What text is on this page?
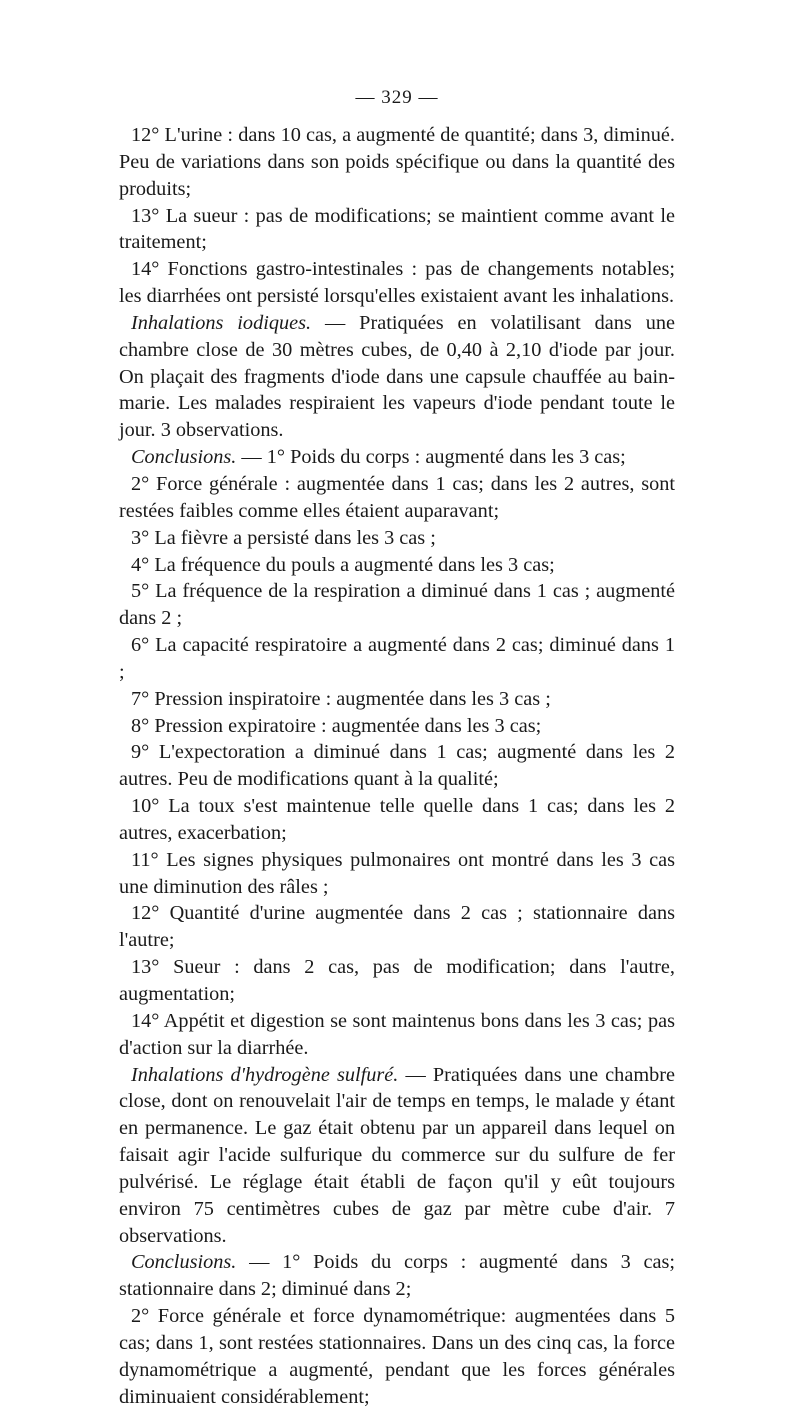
— 329 —

12° L'urine : dans 10 cas, a augmenté de quantité; dans 3, diminué. Peu de variations dans son poids spécifique ou dans la quantité des produits;

13° La sueur : pas de modifications; se maintient comme avant le traitement;

14° Fonctions gastro-intestinales : pas de changements notables; les diarrhées ont persisté lorsqu'elles existaient avant les inhalations.

Inhalations iodiques. — Pratiquées en volatilisant dans une chambre close de 30 mètres cubes, de 0,40 à 2,10 d'iode par jour. On plaçait des fragments d'iode dans une capsule chauffée au bain-marie. Les malades respiraient les vapeurs d'iode pendant toute le jour. 3 observations.

Conclusions. — 1° Poids du corps : augmenté dans les 3 cas;

2° Force générale : augmentée dans 1 cas; dans les 2 autres, sont restées faibles comme elles étaient auparavant;

3° La fièvre a persisté dans les 3 cas ;

4° La fréquence du pouls a augmenté dans les 3 cas;

5° La fréquence de la respiration a diminué dans 1 cas ; augmenté dans 2 ;

6° La capacité respiratoire a augmenté dans 2 cas; diminué dans 1 ;

7° Pression inspiratoire : augmentée dans les 3 cas ;

8° Pression expiratoire : augmentée dans les 3 cas;

9° L'expectoration a diminué dans 1 cas; augmenté dans les 2 autres. Peu de modifications quant à la qualité;

10° La toux s'est maintenue telle quelle dans 1 cas; dans les 2 autres, exacerbation;

11° Les signes physiques pulmonaires ont montré dans les 3 cas une diminution des râles ;

12° Quantité d'urine augmentée dans 2 cas ; stationnaire dans l'autre;

13° Sueur : dans 2 cas, pas de modification; dans l'autre, augmentation;

14° Appétit et digestion se sont maintenus bons dans les 3 cas; pas d'action sur la diarrhée.

Inhalations d'hydrogène sulfuré. — Pratiquées dans une chambre close, dont on renouvelait l'air de temps en temps, le malade y étant en permanence. Le gaz était obtenu par un appareil dans lequel on faisait agir l'acide sulfurique du commerce sur du sulfure de fer pulvérisé. Le réglage était établi de façon qu'il y eût toujours environ 75 centimètres cubes de gaz par mètre cube d'air. 7 observations.

Conclusions. — 1° Poids du corps : augmenté dans 3 cas; stationnaire dans 2; diminué dans 2;

2° Force générale et force dynamométrique: augmentées dans 5 cas; dans 1, sont restées stationnaires. Dans un des cinq cas, la force dynamométrique a augmenté, pendant que les forces générales diminuaient considérablement;
